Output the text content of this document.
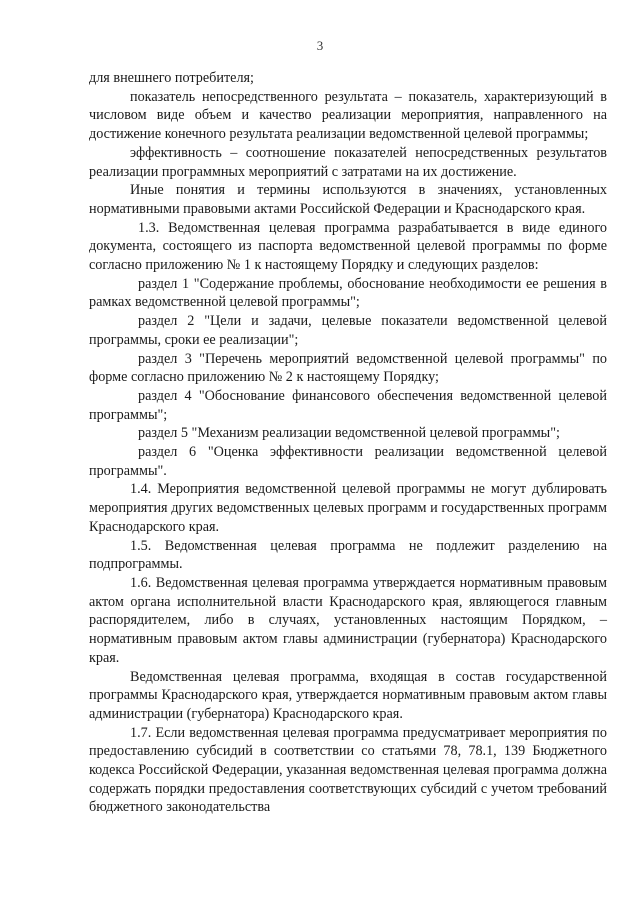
3

для внешнего потребителя;

показатель непосредственного результата – показатель, характеризующий в числовом виде объем и качество реализации мероприятия, направленного на достижение конечного результата реализации ведомственной целевой программы;

эффективность – соотношение показателей непосредственных результатов реализации программных мероприятий с затратами на их достижение.

Иные понятия и термины используются в значениях, установленных нормативными правовыми актами Российской Федерации и Краснодарского края.

1.3. Ведомственная целевая программа разрабатывается в виде единого документа, состоящего из паспорта ведомственной целевой программы по форме согласно приложению № 1 к настоящему Порядку и следующих разделов:

раздел 1 "Содержание проблемы, обоснование необходимости ее решения в рамках ведомственной целевой программы";

раздел 2 "Цели и задачи, целевые показатели ведомственной целевой программы, сроки ее реализации";

раздел 3 "Перечень мероприятий ведомственной целевой программы" по форме согласно приложению № 2 к настоящему Порядку;

раздел 4 "Обоснование финансового обеспечения ведомственной целевой программы";

раздел 5 "Механизм реализации ведомственной целевой программы";

раздел 6 "Оценка эффективности реализации ведомственной целевой программы".

1.4. Мероприятия ведомственной целевой программы не могут дублировать мероприятия других ведомственных целевых программ и государственных программ Краснодарского края.

1.5. Ведомственная целевая программа не подлежит разделению на подпрограммы.

1.6. Ведомственная целевая программа утверждается нормативным правовым актом органа исполнительной власти Краснодарского края, являющегося главным распорядителем, либо в случаях, установленных настоящим Порядком, – нормативным правовым актом главы администрации (губернатора) Краснодарского края.

Ведомственная целевая программа, входящая в состав государственной программы Краснодарского края, утверждается нормативным правовым актом главы администрации (губернатора) Краснодарского края.

1.7. Если ведомственная целевая программа предусматривает мероприятия по предоставлению субсидий в соответствии со статьями 78, 78.1, 139 Бюджетного кодекса Российской Федерации, указанная ведомственная целевая программа должна содержать порядки предоставления соответствующих субсидий с учетом требований бюджетного законодательства
